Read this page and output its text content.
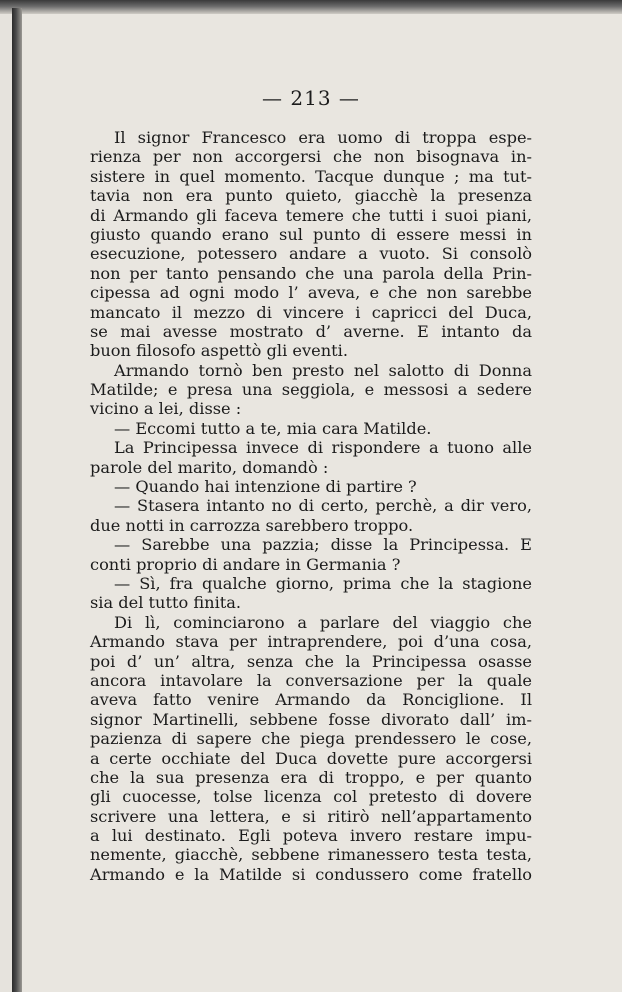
— 213 —
Il signor Francesco era uomo di troppa espe-
rienza per non accorgersi che non bisognava in-
sistere in quel momento. Tacque dunque ; ma tut-
tavia non era punto quieto, giacchè la presenza
di Armando gli faceva temere che tutti i suoi piani,
giusto quando erano sul punto di essere messi in
esecuzione, potessero andare a vuoto. Si consolò
non per tanto pensando che una parola della Prin-
cipessa ad ogni modo l’ aveva, e che non sarebbe
mancato il mezzo di vincere i capricci del Duca,
se mai avesse mostrato d’ averne. E intanto da
buon filosofo aspettò gli eventi.
Armando tornò ben presto nel salotto di Donna
Matilde; e presa una seggiola, e messosi a sedere
vicino a lei, disse :
— Eccomi tutto a te, mia cara Matilde.
La Principessa invece di rispondere a tuono alle
parole del marito, domandò :
— Quando hai intenzione di partire ?
— Stasera intanto no di certo, perchè, a dir vero,
due notti in carrozza sarebbero troppo.
— Sarebbe una pazzia; disse la Principessa. E
conti proprio di andare in Germania ?
— Sì, fra qualche giorno, prima che la stagione
sia del tutto finita.
Di lì, cominciarono a parlare del viaggio che
Armando stava per intraprendere, poi d’una cosa,
poi d’ un’ altra, senza che la Principessa osasse
ancora intavolare la conversazione per la quale
aveva fatto venire Armando da Ronciglione. Il
signor Martinelli, sebbene fosse divorato dall’ im-
pazienza di sapere che piega prendessero le cose,
a certe occhiate del Duca dovette pure accorgersi
che la sua presenza era di troppo, e per quanto
gli cuocesse, tolse licenza col pretesto di dovere
scrivere una lettera, e si ritirò nell’appartamento
a lui destinato. Egli poteva invero restare impu-
nemente, giacchè, sebbene rimanessero testa testa,
Armando e la Matilde si condussero come fratello
